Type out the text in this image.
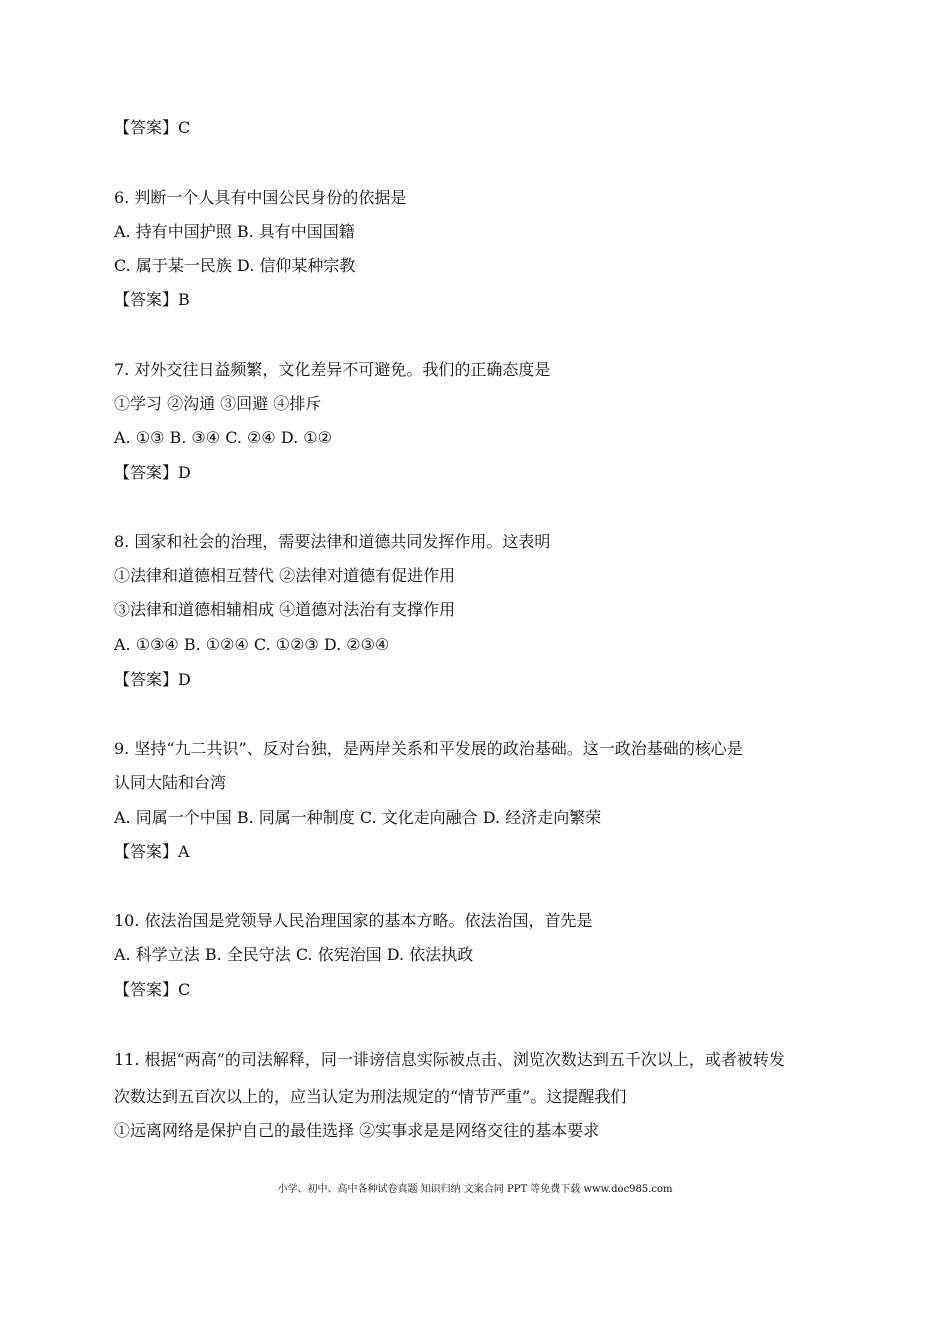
【答案】C
6. 判断一个人具有中国公民身份的依据是
A. 持有中国护照 B. 具有中国国籍
C. 属于某一民族 D. 信仰某种宗教
【答案】B
7. 对外交往日益频繁，文化差异不可避免。我们的正确态度是
①学习 ②沟通 ③回避 ④排斥
A. ①③ B. ③④ C. ②④ D. ①②
【答案】D
8. 国家和社会的治理，需要法律和道德共同发挥作用。这表明
①法律和道德相互替代 ②法律对道德有促进作用
③法律和道德相辅相成 ④道德对法治有支撑作用
A. ①③④ B. ①②④ C. ①②③ D. ②③④
【答案】D
9. 坚持“九二共识”、反对台独，是两岸关系和平发展的政治基础。这一政治基础的核心是
认同大陆和台湾
A. 同属一个中国 B. 同属一种制度 C. 文化走向融合 D. 经济走向繁荣
【答案】A
10. 依法治国是党领导人民治理国家的基本方略。依法治国，首先是
A. 科学立法 B. 全民守法 C. 依宪治国 D. 依法执政
【答案】C
11. 根据“两高”的司法解释，同一诽谤信息实际被点击、浏览次数达到五千次以上，或者被转发
次数达到五百次以上的，应当认定为刑法规定的“情节严重”。这提醒我们
①远离网络是保护自己的最佳选择 ②实事求是是网络交往的基本要求
小学、初中、高中各种试卷真题 知识归纳 文案合同 PPT 等免费下载 www.doc985.com
